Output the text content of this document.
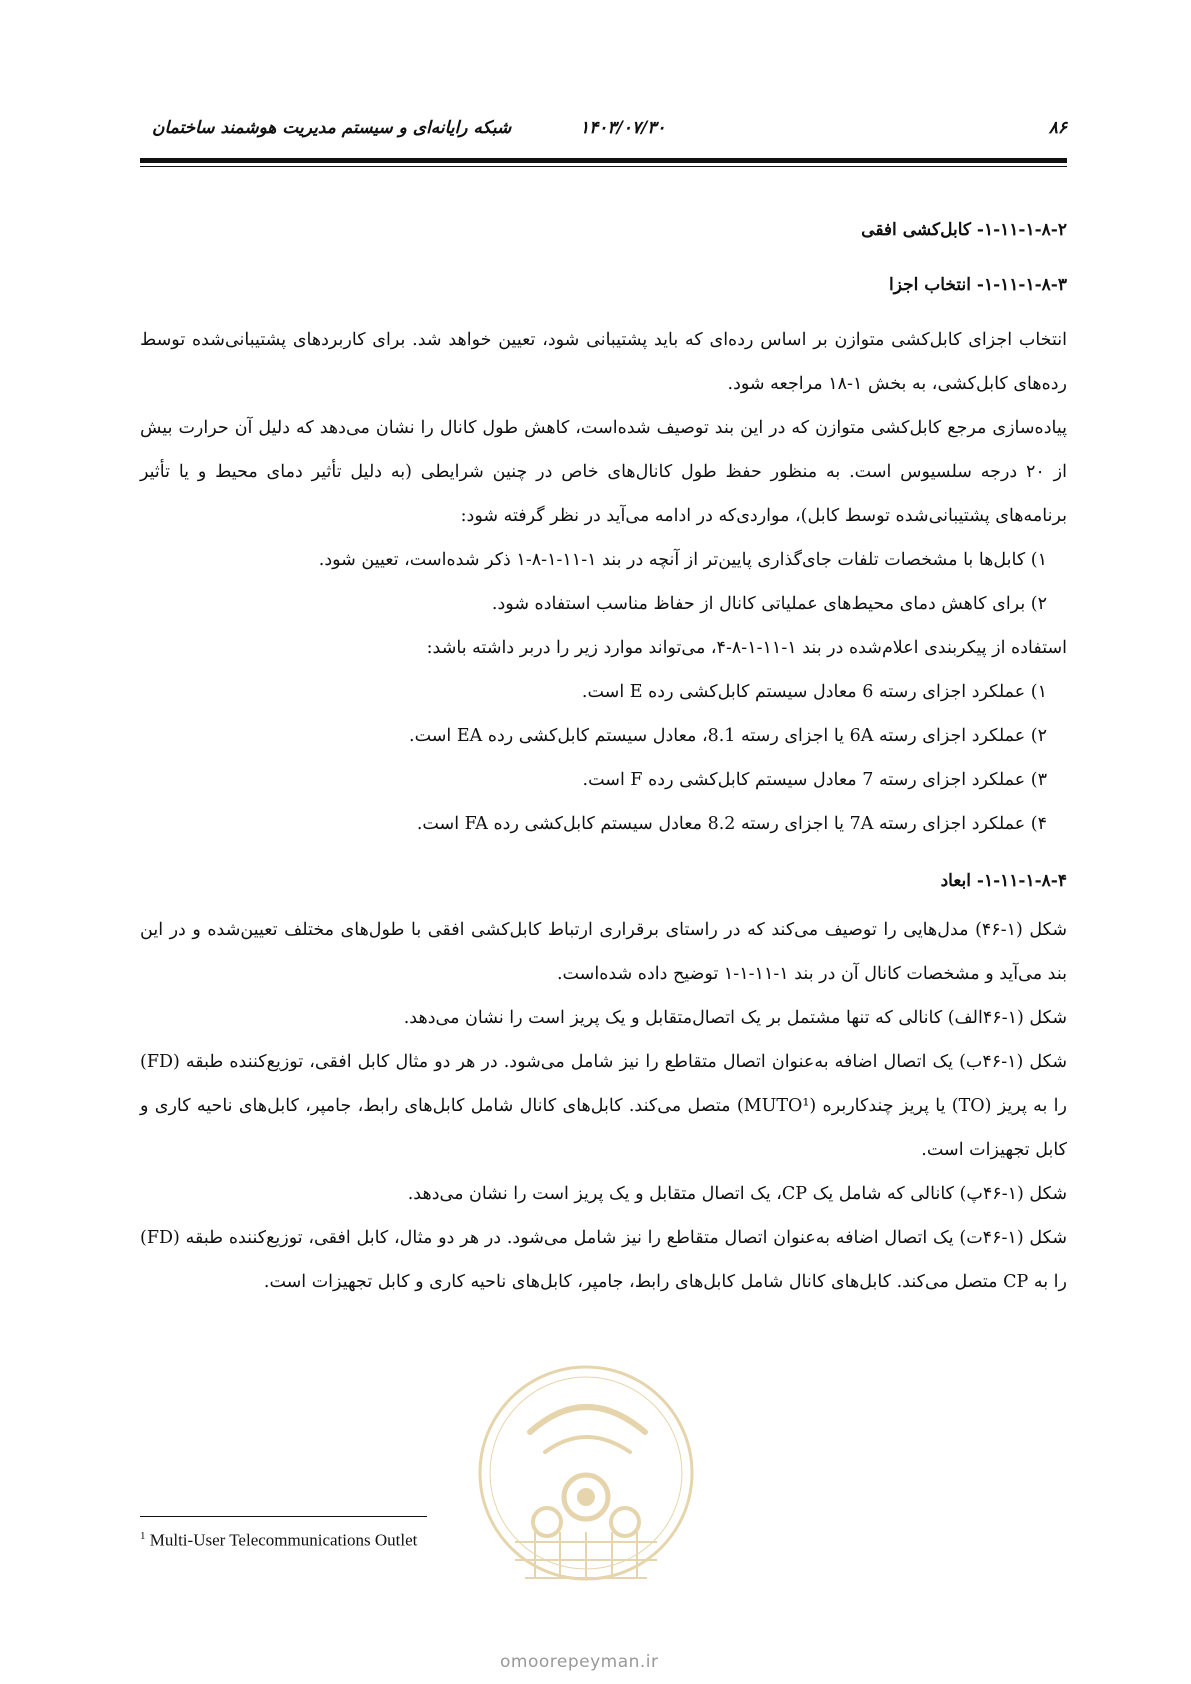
۸۶
۱۴۰۳/۰۷/۳۰
شبکه رایانه‌ای و سیستم مدیریت هوشمند ساختمان
۱-۱۱-۱-۸-۲- کابل‌کشی افقی
۱-۱۱-۱-۸-۳- انتخاب اجزا

انتخاب اجزای کابل‌کشی متوازن بر اساس رده‌ای که باید پشتیبانی شود، تعیین خواهد شد. برای کاربردهای پشتیبانی‌شده توسط رده‌های کابل‌کشی، به بخش ۱-۱۸ مراجعه شود.

پیاده‌سازی مرجع کابل‌کشی متوازن که در این بند توصیف شده‌است، کاهش طول کانال را نشان می‌دهد که دلیل آن حرارت بیش از ۲۰ درجه سلسیوس است. به منظور حفظ طول کانال‌های خاص در چنین شرایطی (به دلیل تأثیر دمای محیط و یا تأثیر برنامه‌های پشتیبانی‌شده توسط کابل)، مواردی‌که در ادامه می‌آید در نظر گرفته شود:

۱) کابل‌ها با مشخصات تلفات جای‌گذاری پایین‌تر از آنچه در بند ۱-۱۱-۱-۸-۱ ذکر شده‌است، تعیین شود.

۲) برای کاهش دمای محیط‌های عملیاتی کانال از حفاظ مناسب استفاده شود.

استفاده از پیکربندی اعلام‌شده در بند ۱-۱۱-۱-۸-۴، می‌تواند موارد زیر را دربر داشته باشد:

۱) عملکرد اجزای رسته 6 معادل سیستم کابل‌کشی رده E است.

۲) عملکرد اجزای رسته 6A یا اجزای رسته 8.1، معادل سیستم کابل‌کشی رده EA است.

۳) عملکرد اجزای رسته 7 معادل سیستم کابل‌کشی رده F است.

۴) عملکرد اجزای رسته 7A یا اجزای رسته 8.2 معادل سیستم کابل‌کشی رده FA است.

۱-۱۱-۱-۸-۴- ابعاد

شکل (۱-۴۶) مدل‌هایی را توصیف می‌کند که در راستای برقراری ارتباط کابل‌کشی افقی با طول‌های مختلف تعیین‌شده و در این بند می‌آید و مشخصات کانال آن در بند ۱-۱۱-۱-۱ توضیح داده شده‌است.

شکل (۱-۴۶الف) کانالی که تنها مشتمل بر یک اتصال‌متقابل و یک پریز است را نشان می‌دهد.

شکل (۱-۴۶ب) یک اتصال اضافه به‌عنوان اتصال متقاطع را نیز شامل می‌شود. در هر دو مثال کابل افقی، توزیع‌کننده طبقه (FD) را به پریز (TO) یا پریز چندکاربره (MUTO¹) متصل می‌کند. کابل‌های کانال شامل کابل‌های رابط، جامپر، کابل‌های ناحیه کاری و کابل تجهیزات است.

شکل (۱-۴۶پ) کانالی که شامل یک CP، یک اتصال متقابل و یک پریز است را نشان می‌دهد.

شکل (۱-۴۶ت) یک اتصال اضافه به‌عنوان اتصال متقاطع را نیز شامل می‌شود. در هر دو مثال، کابل افقی، توزیع‌کننده طبقه (FD) را به CP متصل می‌کند. کابل‌های کانال شامل کابل‌های رابط، جامپر، کابل‌های ناحیه کاری و کابل تجهیزات است.

$^1$ Multi-User Telecommunications Outlet
omoorepeyman.ir
